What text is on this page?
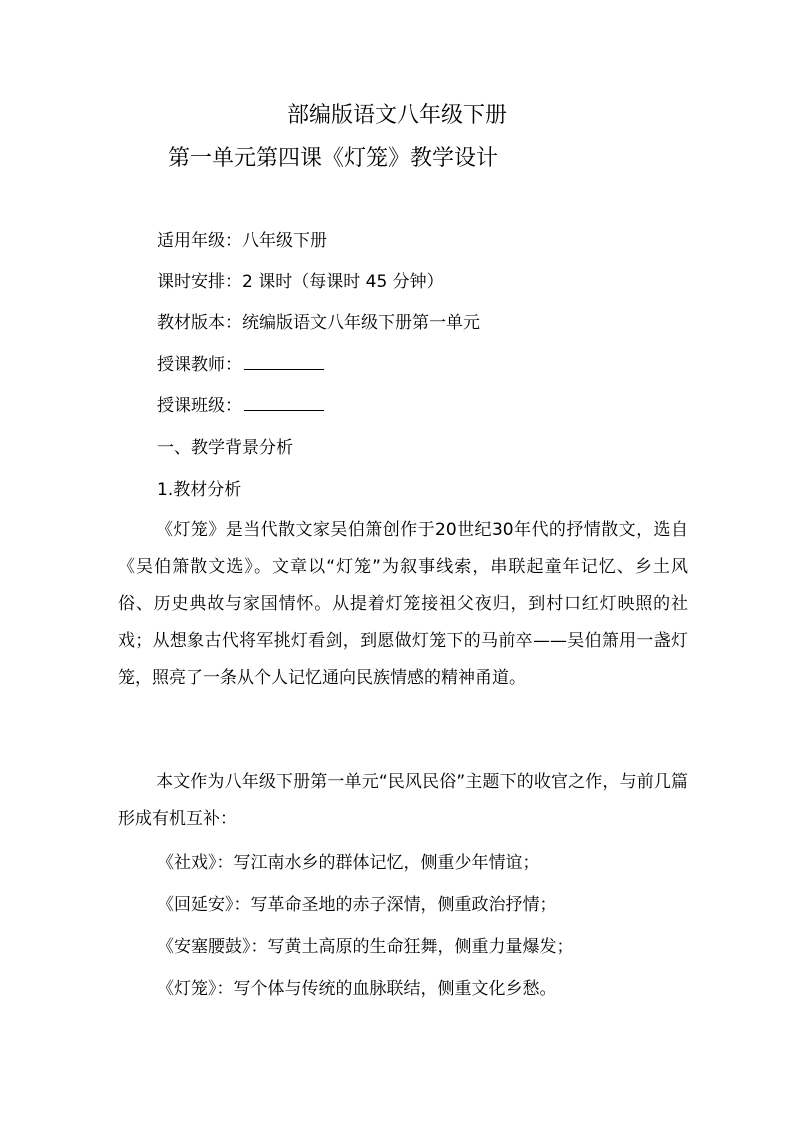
部编版语文八年级下册
第一单元第四课《灯笼》教学设计
适用年级：八年级下册
课时安排：2 课时（每课时 45 分钟）
教材版本：统编版语文八年级下册第一单元
授课教师：
授课班级：
一、教学背景分析
1.教材分析
《灯笼》是当代散文家吴伯箫创作于20世纪30年代的抒情散文，选自《吴伯箫散文选》。文章以“灯笼”为叙事线索，串联起童年记忆、乡土风俗、历史典故与家国情怀。从提着灯笼接祖父夜归，到村口红灯映照的社戏；从想象古代将军挑灯看剑，到愿做灯笼下的马前卒——吴伯箫用一盏灯笼，照亮了一条从个人记忆通向民族情感的精神甬道。
本文作为八年级下册第一单元“民风民俗”主题下的收官之作，与前几篇形成有机互补：
《社戏》：写江南水乡的群体记忆，侧重少年情谊；
《回延安》：写革命圣地的赤子深情，侧重政治抒情；
《安塞腰鼓》：写黄土高原的生命狂舞，侧重力量爆发；
《灯笼》：写个体与传统的血脉联结，侧重文化乡愁。
